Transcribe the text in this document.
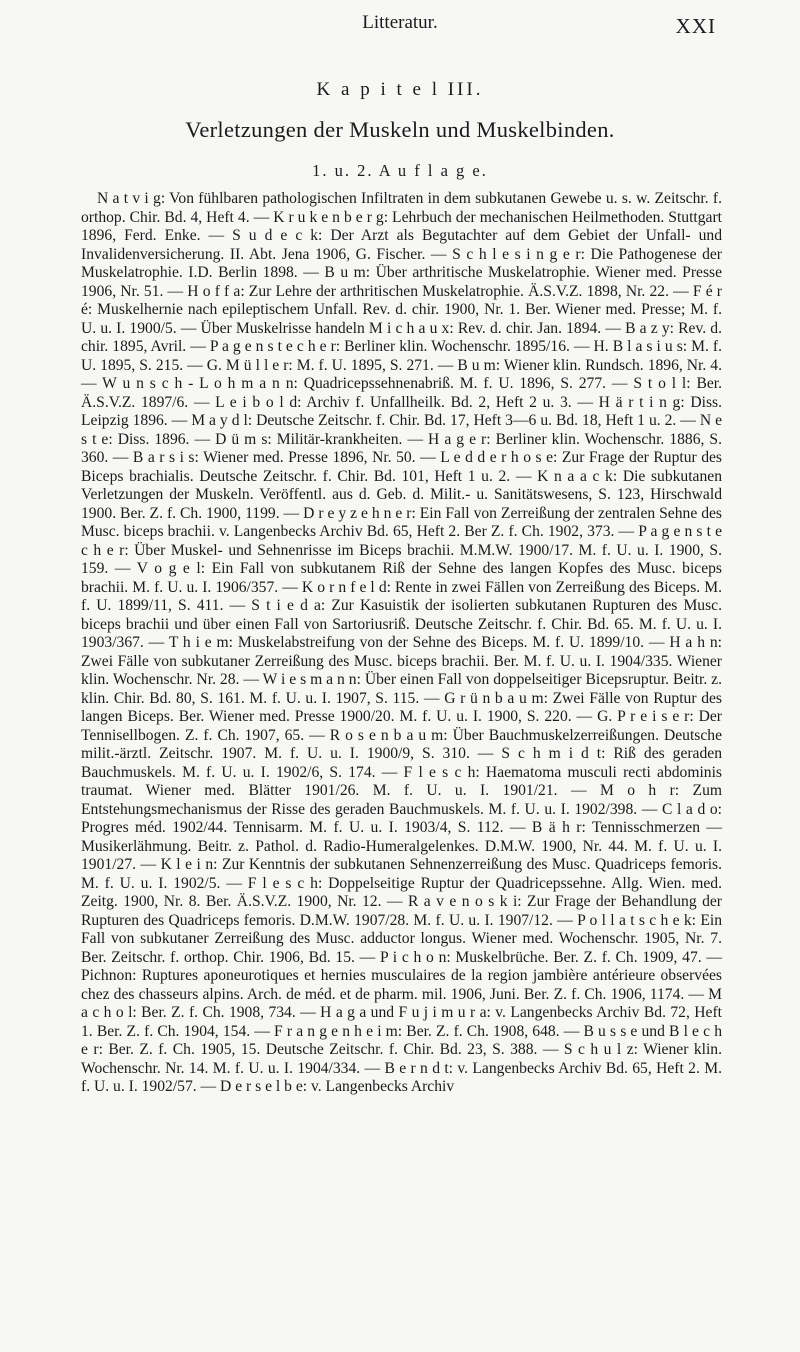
Litteratur.	XXI
K a p i t e l III.
Verletzungen der Muskeln und Muskelbinden.
1. u. 2. A u f l a g e.

N a t v i g: Von fühlbaren pathologischen Infiltraten in dem subkutanen Gewebe u. s. w. Zeitschr. f. orthop. Chir. Bd. 4, Heft 4. — K r u k e n b e r g: Lehrbuch der mechanischen Heilmethoden. Stuttgart 1896, Ferd. Enke. — S u d e c k: Der Arzt als Begutachter auf dem Gebiet der Unfall- und Invalidenversicherung. II. Abt. Jena 1906, G. Fischer. — S c h l e s i n g e r: Die Pathogenese der Muskelatrophie. I.D. Berlin 1898. — B u m: Über arthritische Muskelatrophie. Wiener med. Presse 1906, Nr. 51. — H o f f a: Zur Lehre der arthritischen Muskelatrophie. Ä.S.V.Z. 1898, Nr. 22. — F é r é: Muskelhernie nach epileptischem Unfall. Rev. d. chir. 1900, Nr. 1. Ber. Wiener med. Presse; M. f. U. u. I. 1900/5. — Über Muskelrisse handeln M i c h a u x: Rev. d. chir. Jan. 1894. — B a z y: Rev. d. chir. 1895, Avril. — P a g e n s t e c h e r: Berliner klin. Wochenschr. 1895/16. — H. B l a s i u s: M. f. U. 1895, S. 215. — G. M ü l l e r: M. f. U. 1895, S. 271. — B u m: Wiener klin. Rundsch. 1896, Nr. 4. — W u n s c h - L o h m a n n: Quadricepssehnenabriß. M. f. U. 1896, S. 277. — S t o l l: Ber. Ä.S.V.Z. 1897/6. — L e i b o l d: Archiv f. Unfallheilk. Bd. 2, Heft 2 u. 3. — H ä r t i n g: Diss. Leipzig 1896. — M a y d l: Deutsche Zeitschr. f. Chir. Bd. 17, Heft 3—6 u. Bd. 18, Heft 1 u. 2. — N e s t e: Diss. 1896. — D ü m s: Militär-krankheiten. — H a g e r: Berliner klin. Wochenschr. 1886, S. 360. — B a r s i s: Wiener med. Presse 1896, Nr. 50. — L e d d e r h o s e: Zur Frage der Ruptur des Biceps brachialis. Deutsche Zeitschr. f. Chir. Bd. 101, Heft 1 u. 2. — K n a a c k: Die subkutanen Verletzungen der Muskeln. Veröffentl. aus d. Geb. d. Milit.- u. Sanitätswesens, S. 123, Hirschwald 1900. Ber. Z. f. Ch. 1900, 1199. — D r e y z e h n e r: Ein Fall von Zerreißung der zentralen Sehne des Musc. biceps brachii. v. Langenbecks Archiv Bd. 65, Heft 2. Ber Z. f. Ch. 1902, 373. — P a g e n s t e c h e r: Über Muskel- und Sehnenrisse im Biceps brachii. M.M.W. 1900/17. M. f. U. u. I. 1900, S. 159. — V o g e l: Ein Fall von subkutanem Riß der Sehne des langen Kopfes des Musc. biceps brachii. M. f. U. u. I. 1906/357. — K o r n f e l d: Rente in zwei Fällen von Zerreißung des Biceps. M. f. U. 1899/11, S. 411. — S t i e d a: Zur Kasuistik der isolierten subkutanen Rupturen des Musc. biceps brachii und über einen Fall von Sartoriusriß. Deutsche Zeitschr. f. Chir. Bd. 65. M. f. U. u. I. 1903/367. — T h i e m: Muskelabstreifung von der Sehne des Biceps. M. f. U. 1899/10. — H a h n: Zwei Fälle von subkutaner Zerreißung des Musc. biceps brachii. Ber. M. f. U. u. I. 1904/335. Wiener klin. Wochenschr. Nr. 28. — W i e s m a n n: Über einen Fall von doppelseitiger Bicepsruptur. Beitr. z. klin. Chir. Bd. 80, S. 161. M. f. U. u. I. 1907, S. 115. — G r ü n b a u m: Zwei Fälle von Ruptur des langen Biceps. Ber. Wiener med. Presse 1900/20. M. f. U. u. I. 1900, S. 220. — G. P r e i s e r: Der Tennisellbogen. Z. f. Ch. 1907, 65. — R o s e n b a u m: Über Bauchmuskelzerreißungen. Deutsche milit.-ärztl. Zeitschr. 1907. M. f. U. u. I. 1900/9, S. 310. — S c h m i d t: Riß des geraden Bauchmuskels. M. f. U. u. I. 1902/6, S. 174. — F l e s c h: Haematoma musculi recti abdominis traumat. Wiener med. Blätter 1901/26. M. f. U. u. I. 1901/21. — M o h r: Zum Entstehungsmechanismus der Risse des geraden Bauchmuskels. M. f. U. u. I. 1902/398. — C l a d o: Progres méd. 1902/44. Tennisarm. M. f. U. u. I. 1903/4, S. 112. — B ä h r: Tennisschmerzen — Musikerlähmung. Beitr. z. Pathol. d. Radio-Humeralgelenkes. D.M.W. 1900, Nr. 44. M. f. U. u. I. 1901/27. — K l e i n: Zur Kenntnis der subkutanen Sehnenzerreißung des Musc. Quadriceps femoris. M. f. U. u. I. 1902/5. — F l e s c h: Doppelseitige Ruptur der Quadricepssehne. Allg. Wien. med. Zeitg. 1900, Nr. 8. Ber. Ä.S.V.Z. 1900, Nr. 12. — R a v e n o s k i: Zur Frage der Behandlung der Rupturen des Quadriceps femoris. D.M.W. 1907/28. M. f. U. u. I. 1907/12. — P o l l a t s c h e k: Ein Fall von subkutaner Zerreißung des Musc. adductor longus. Wiener med. Wochenschr. 1905, Nr. 7. Ber. Zeitschr. f. orthop. Chir. 1906, Bd. 15. — P i c h o n: Muskelbrüche. Ber. Z. f. Ch. 1909, 47. — Pichnon: Ruptures aponeurotiques et hernies musculaires de la region jambière antérieure observées chez des chasseurs alpins. Arch. de méd. et de pharm. mil. 1906, Juni. Ber. Z. f. Ch. 1906, 1174. — M a c h o l: Ber. Z. f. Ch. 1908, 734. — H a g a und F u j i m u r a: v. Langenbecks Archiv Bd. 72, Heft 1. Ber. Z. f. Ch. 1904, 154. — F r a n g e n h e i m: Ber. Z. f. Ch. 1908, 648. — B u s s e und B l e c h e r: Ber. Z. f. Ch. 1905, 15. Deutsche Zeitschr. f. Chir. Bd. 23, S. 388. — S c h u l z: Wiener klin. Wochenschr. Nr. 14. M. f. U. u. I. 1904/334. — B e r n d t: v. Langenbecks Archiv Bd. 65, Heft 2. M. f. U. u. I. 1902/57. — D e r s e l b e: v. Langenbecks Archiv
